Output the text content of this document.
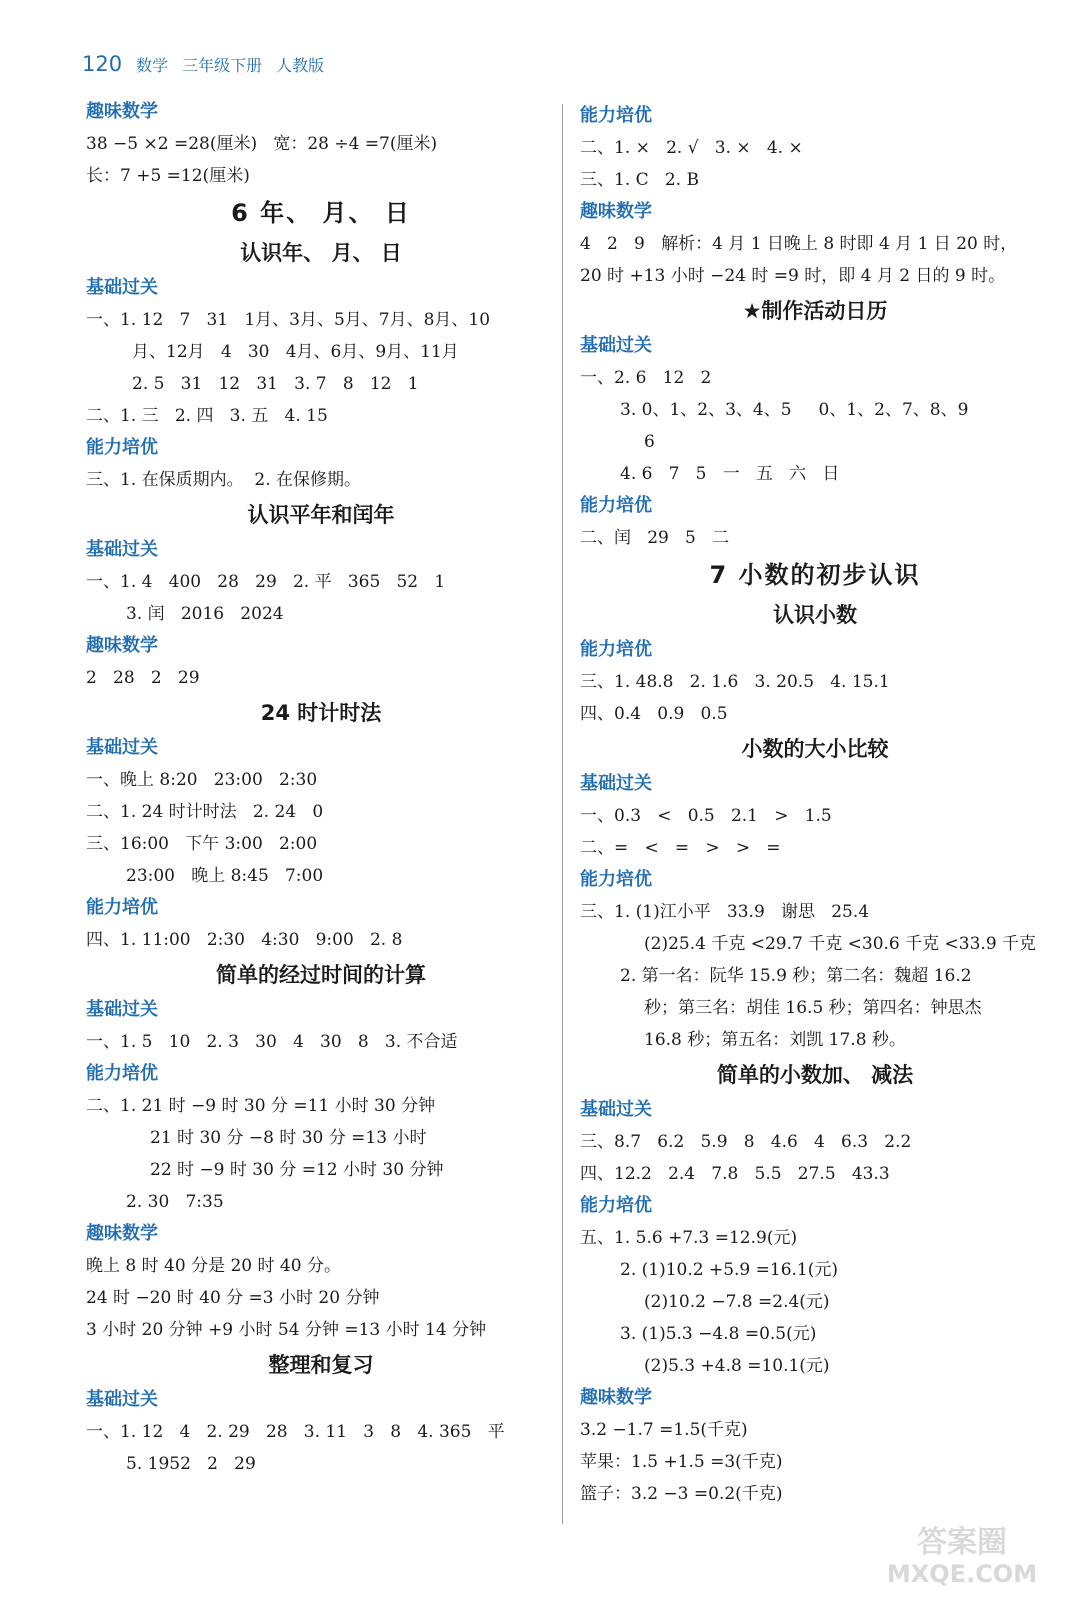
120 数学 三年级下册 人教版
趣味数学
38 −5 ×2 =28(厘米)   宽：28 ÷4 =7(厘米)
长：7 +5 =12(厘米)
6 年、 月、 日
认识年、 月、 日
基础过关
一、1. 12   7   31   1月、3月、5月、7月、8月、10
月、12月   4   30   4月、6月、9月、11月
2. 5   31   12   31   3. 7   8   12   1
二、1. 三   2. 四   3. 五   4. 15
能力培优
三、1. 在保质期内。  2. 在保修期。
认识平年和闰年
基础过关
一、1. 4   400   28   29   2. 平   365   52   1
3. 闰   2016   2024
趣味数学
2   28   2   29
24 时计时法
基础过关
一、晚上 8:20   23:00   2:30
二、1. 24 时计时法   2. 24   0
三、16:00   下午 3:00   2:00
23:00   晚上 8:45   7:00
能力培优
四、1. 11:00   2:30   4:30   9:00   2. 8
简单的经过时间的计算
基础过关
一、1. 5   10   2. 3   30   4   30   8   3. 不合适
能力培优
二、1. 21 时 −9 时 30 分 =11 小时 30 分钟
21 时 30 分 −8 时 30 分 =13 小时
22 时 −9 时 30 分 =12 小时 30 分钟
2. 30   7:35
趣味数学
晚上 8 时 40 分是 20 时 40 分。
24 时 −20 时 40 分 =3 小时 20 分钟
3 小时 20 分钟 +9 小时 54 分钟 =13 小时 14 分钟
整理和复习
基础过关
一、1. 12   4   2. 29   28   3. 11   3   8   4. 365   平
5. 1952   2   29
能力培优
二、1. ×   2. √   3. ×   4. ×
三、1. C   2. B
趣味数学
4   2   9   解析：4 月 1 日晚上 8 时即 4 月 1 日 20 时，
20 时 +13 小时 −24 时 =9 时，即 4 月 2 日的 9 时。
★制作活动日历
基础过关
一、2. 6   12   2
3. 0、1、2、3、4、5     0、1、2、7、8、9
6
4. 6   7   5   一   五   六   日
能力培优
二、闰   29   5   二
7 小数的初步认识
认识小数
能力培优
三、1. 48.8   2. 1.6   3. 20.5   4. 15.1
四、0.4   0.9   0.5
小数的大小比较
基础过关
一、0.3   <   0.5   2.1   >   1.5
二、=   <   =   >   >   =
能力培优
三、1. (1)江小平   33.9   谢思   25.4
(2)25.4 千克 <29.7 千克 <30.6 千克 <33.9 千克
2. 第一名：阮华 15.9 秒；第二名：魏超 16.2
秒；第三名：胡佳 16.5 秒；第四名：钟思杰
16.8 秒；第五名：刘凯 17.8 秒。
简单的小数加、 减法
基础过关
三、8.7   6.2   5.9   8   4.6   4   6.3   2.2
四、12.2   2.4   7.8   5.5   27.5   43.3
能力培优
五、1. 5.6 +7.3 =12.9(元)
2. (1)10.2 +5.9 =16.1(元)
(2)10.2 −7.8 =2.4(元)
3. (1)5.3 −4.8 =0.5(元)
(2)5.3 +4.8 =10.1(元)
趣味数学
3.2 −1.7 =1.5(千克)
苹果：1.5 +1.5 =3(千克)
篮子：3.2 −3 =0.2(千克)
答案圈
MXQE.COM
